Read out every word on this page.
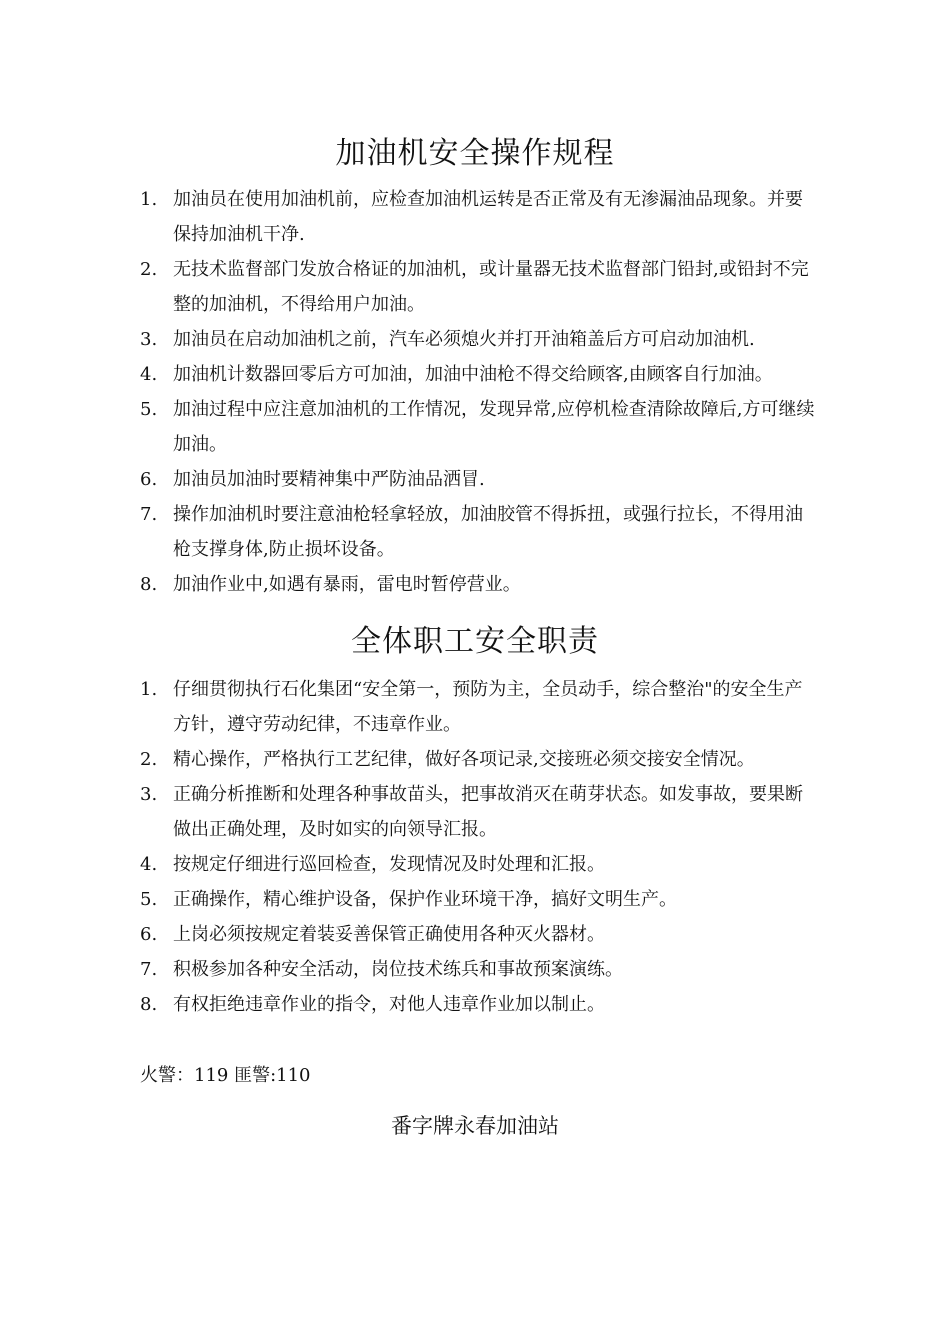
加油机安全操作规程
1. 加油员在使用加油机前，应检查加油机运转是否正常及有无渗漏油品现象。并要保持加油机干净.
2. 无技术监督部门发放合格证的加油机，或计量器无技术监督部门铅封,或铅封不完整的加油机，不得给用户加油。
3. 加油员在启动加油机之前，汽车必须熄火并打开油箱盖后方可启动加油机.
4. 加油机计数器回零后方可加油，加油中油枪不得交给顾客,由顾客自行加油。
5. 加油过程中应注意加油机的工作情况，发现异常,应停机检查清除故障后,方可继续加油。
6. 加油员加油时要精神集中严防油品洒冒.
7. 操作加油机时要注意油枪轻拿轻放，加油胶管不得拆扭，或强行拉长，不得用油枪支撑身体,防止损坏设备。
8. 加油作业中,如遇有暴雨，雷电时暂停营业。
全体职工安全职责
1. 仔细贯彻执行石化集团“安全第一，预防为主，全员动手，综合整治"的安全生产方针，遵守劳动纪律，不违章作业。
2. 精心操作，严格执行工艺纪律，做好各项记录,交接班必须交接安全情况。
3. 正确分析推断和处理各种事故苗头，把事故消灭在萌芽状态。如发事故，要果断做出正确处理，及时如实的向领导汇报。
4. 按规定仔细进行巡回检查，发现情况及时处理和汇报。
5. 正确操作，精心维护设备，保护作业环境干净，搞好文明生产。
6. 上岗必须按规定着装妥善保管正确使用各种灭火器材。
7. 积极参加各种安全活动，岗位技术练兵和事故预案演练。
8. 有权拒绝违章作业的指令，对他人违章作业加以制止。
火警：119 匪警:110
番字牌永春加油站
